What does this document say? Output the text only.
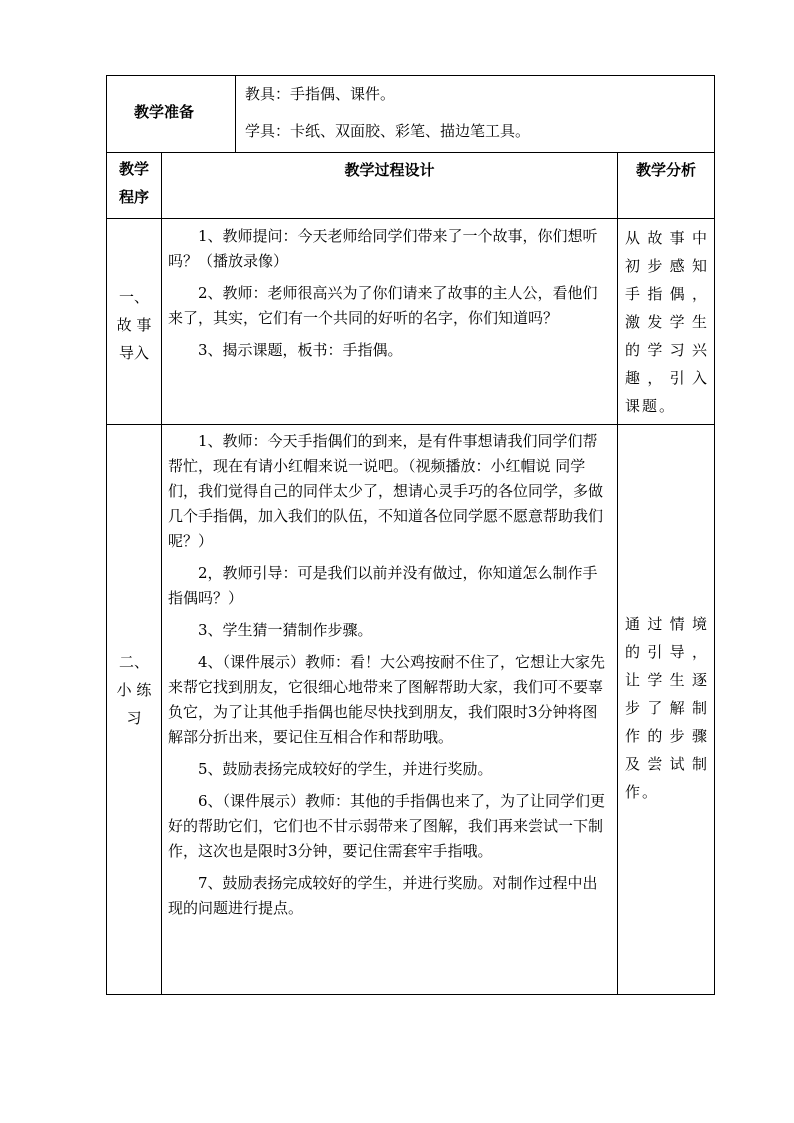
教学准备
教具：手指偶、课件。
学具：卡纸、双面胶、彩笔、描边笔工具。
教学
程序
教学过程设计	教学分析
一、
故 事
导入

1、教师提问：今天老师给同学们带来了一个故事，你们想听吗？（播放录像）

2、教师：老师很高兴为了你们请来了故事的主人公，看他们来了，其实，它们有一个共同的好听的名字，你们知道吗？

3、揭示课题，板书：手指偶。

从故事中初步感知手指偶，激发学生的学习兴趣，引入课题。
二、
小 练
习

1、教师：今天手指偶们的到来，是有件事想请我们同学们帮帮忙，现在有请小红帽来说一说吧。（视频播放：小红帽说 同学们，我们觉得自己的同伴太少了，想请心灵手巧的各位同学，多做几个手指偶，加入我们的队伍，不知道各位同学愿不愿意帮助我们呢？）

2，教师引导：可是我们以前并没有做过，你知道怎么制作手指偶吗？）

3、学生猜一猜制作步骤。

4、（课件展示）教师：看！大公鸡按耐不住了，它想让大家先来帮它找到朋友，它很细心地带来了图解帮助大家，我们可不要辜负它，为了让其他手指偶也能尽快找到朋友，我们限时3分钟将图解部分折出来，要记住互相合作和帮助哦。

5、鼓励表扬完成较好的学生，并进行奖励。

6、（课件展示）教师：其他的手指偶也来了，为了让同学们更好的帮助它们，它们也不甘示弱带来了图解，我们再来尝试一下制作，这次也是限时3分钟，要记住需套牢手指哦。

7、鼓励表扬完成较好的学生，并进行奖励。对制作过程中出现的问题进行提点。

通过情境的引导，让学生逐步了解制作的步骤及尝试制作。
